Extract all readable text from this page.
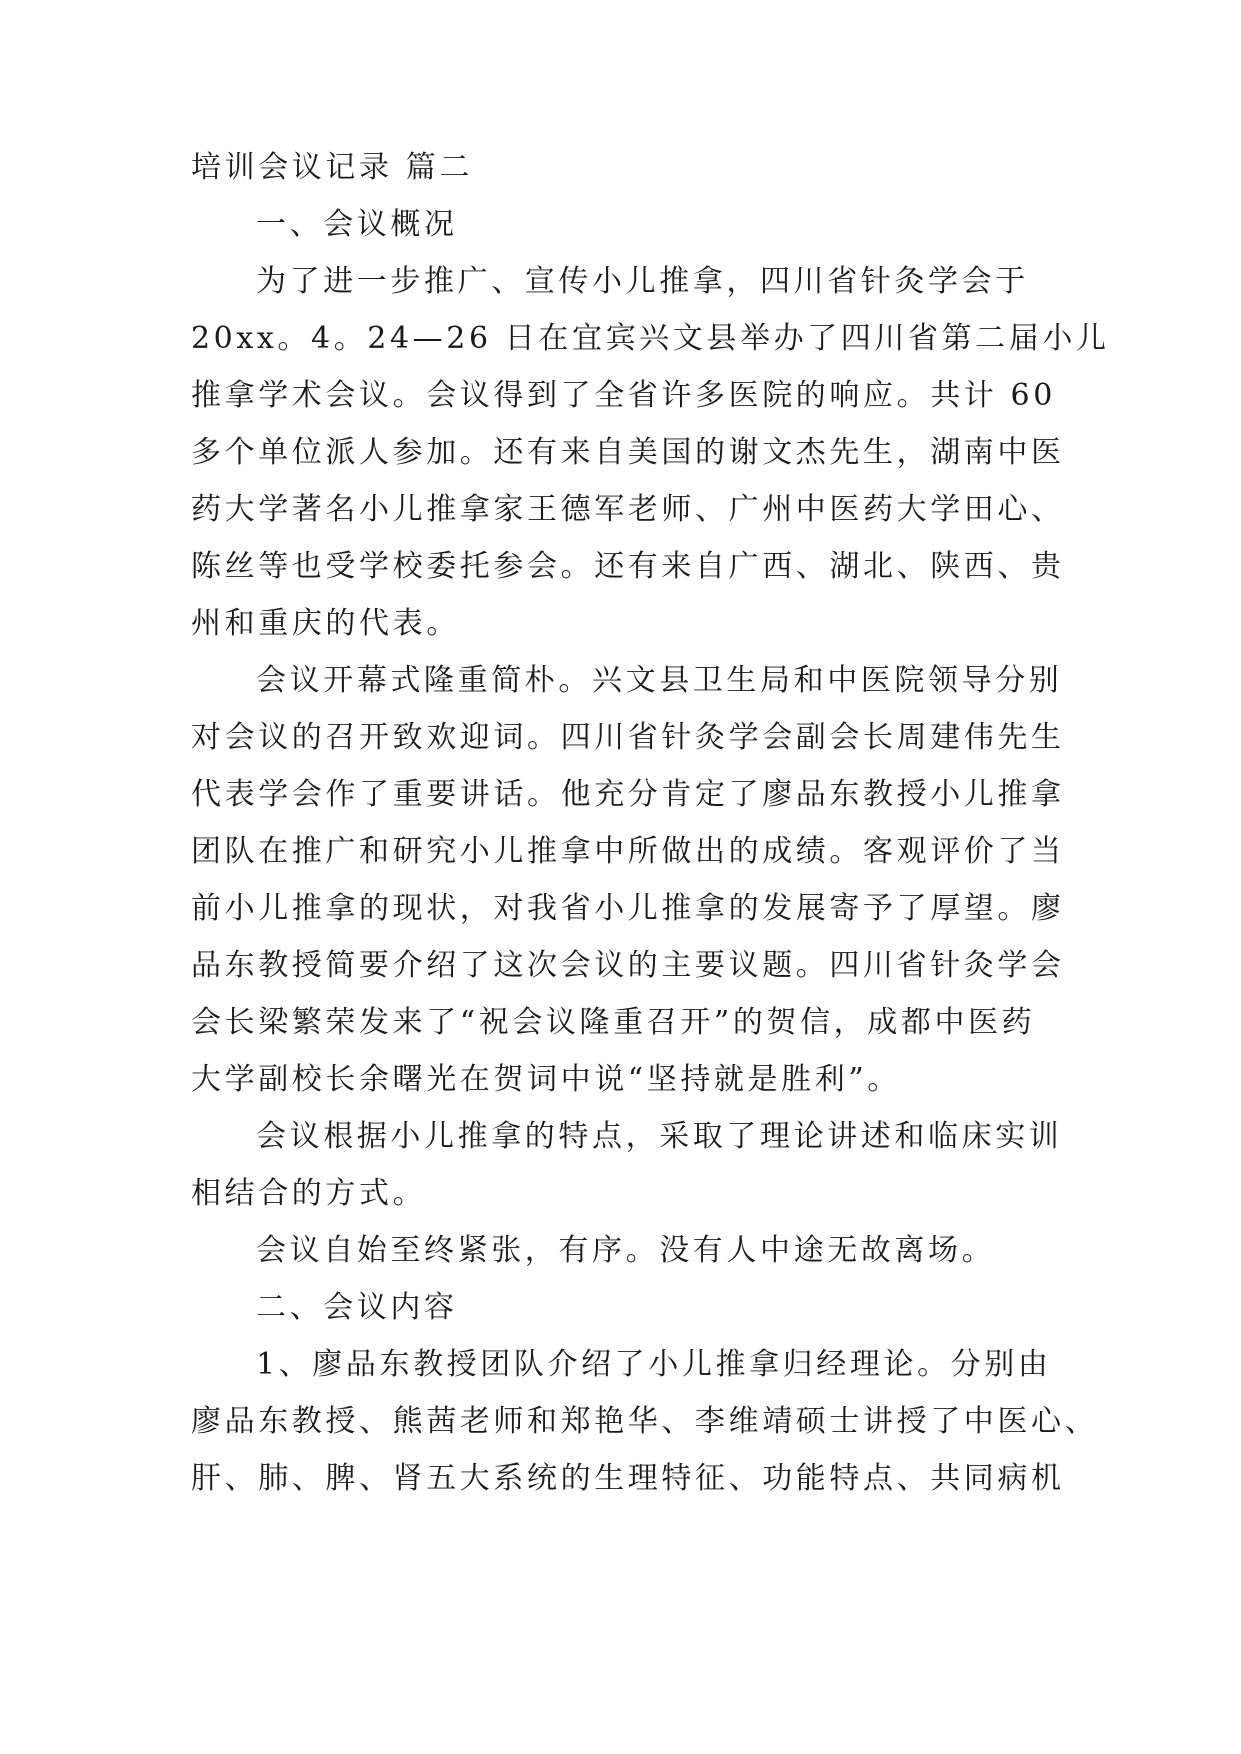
培训会议记录 篇二
一、会议概况
为了进一步推广、宣传小儿推拿，四川省针灸学会于
20xx。4。24—26 日在宜宾兴文县举办了四川省第二届小儿
推拿学术会议。会议得到了全省许多医院的响应。共计 60
多个单位派人参加。还有来自美国的谢文杰先生，湖南中医
药大学著名小儿推拿家王德军老师、广州中医药大学田心、
陈丝等也受学校委托参会。还有来自广西、湖北、陕西、贵
州和重庆的代表。
会议开幕式隆重简朴。兴文县卫生局和中医院领导分别
对会议的召开致欢迎词。四川省针灸学会副会长周建伟先生
代表学会作了重要讲话。他充分肯定了廖品东教授小儿推拿
团队在推广和研究小儿推拿中所做出的成绩。客观评价了当
前小儿推拿的现状，对我省小儿推拿的发展寄予了厚望。廖
品东教授简要介绍了这次会议的主要议题。四川省针灸学会
会长梁繁荣发来了“祝会议隆重召开”的贺信，成都中医药
大学副校长余曙光在贺词中说“坚持就是胜利”。
会议根据小儿推拿的特点，采取了理论讲述和临床实训
相结合的方式。
会议自始至终紧张，有序。没有人中途无故离场。
二、会议内容
1、廖品东教授团队介绍了小儿推拿归经理论。分别由
廖品东教授、熊茜老师和郑艳华、李维靖硕士讲授了中医心、
肝、肺、脾、肾五大系统的生理特征、功能特点、共同病机
